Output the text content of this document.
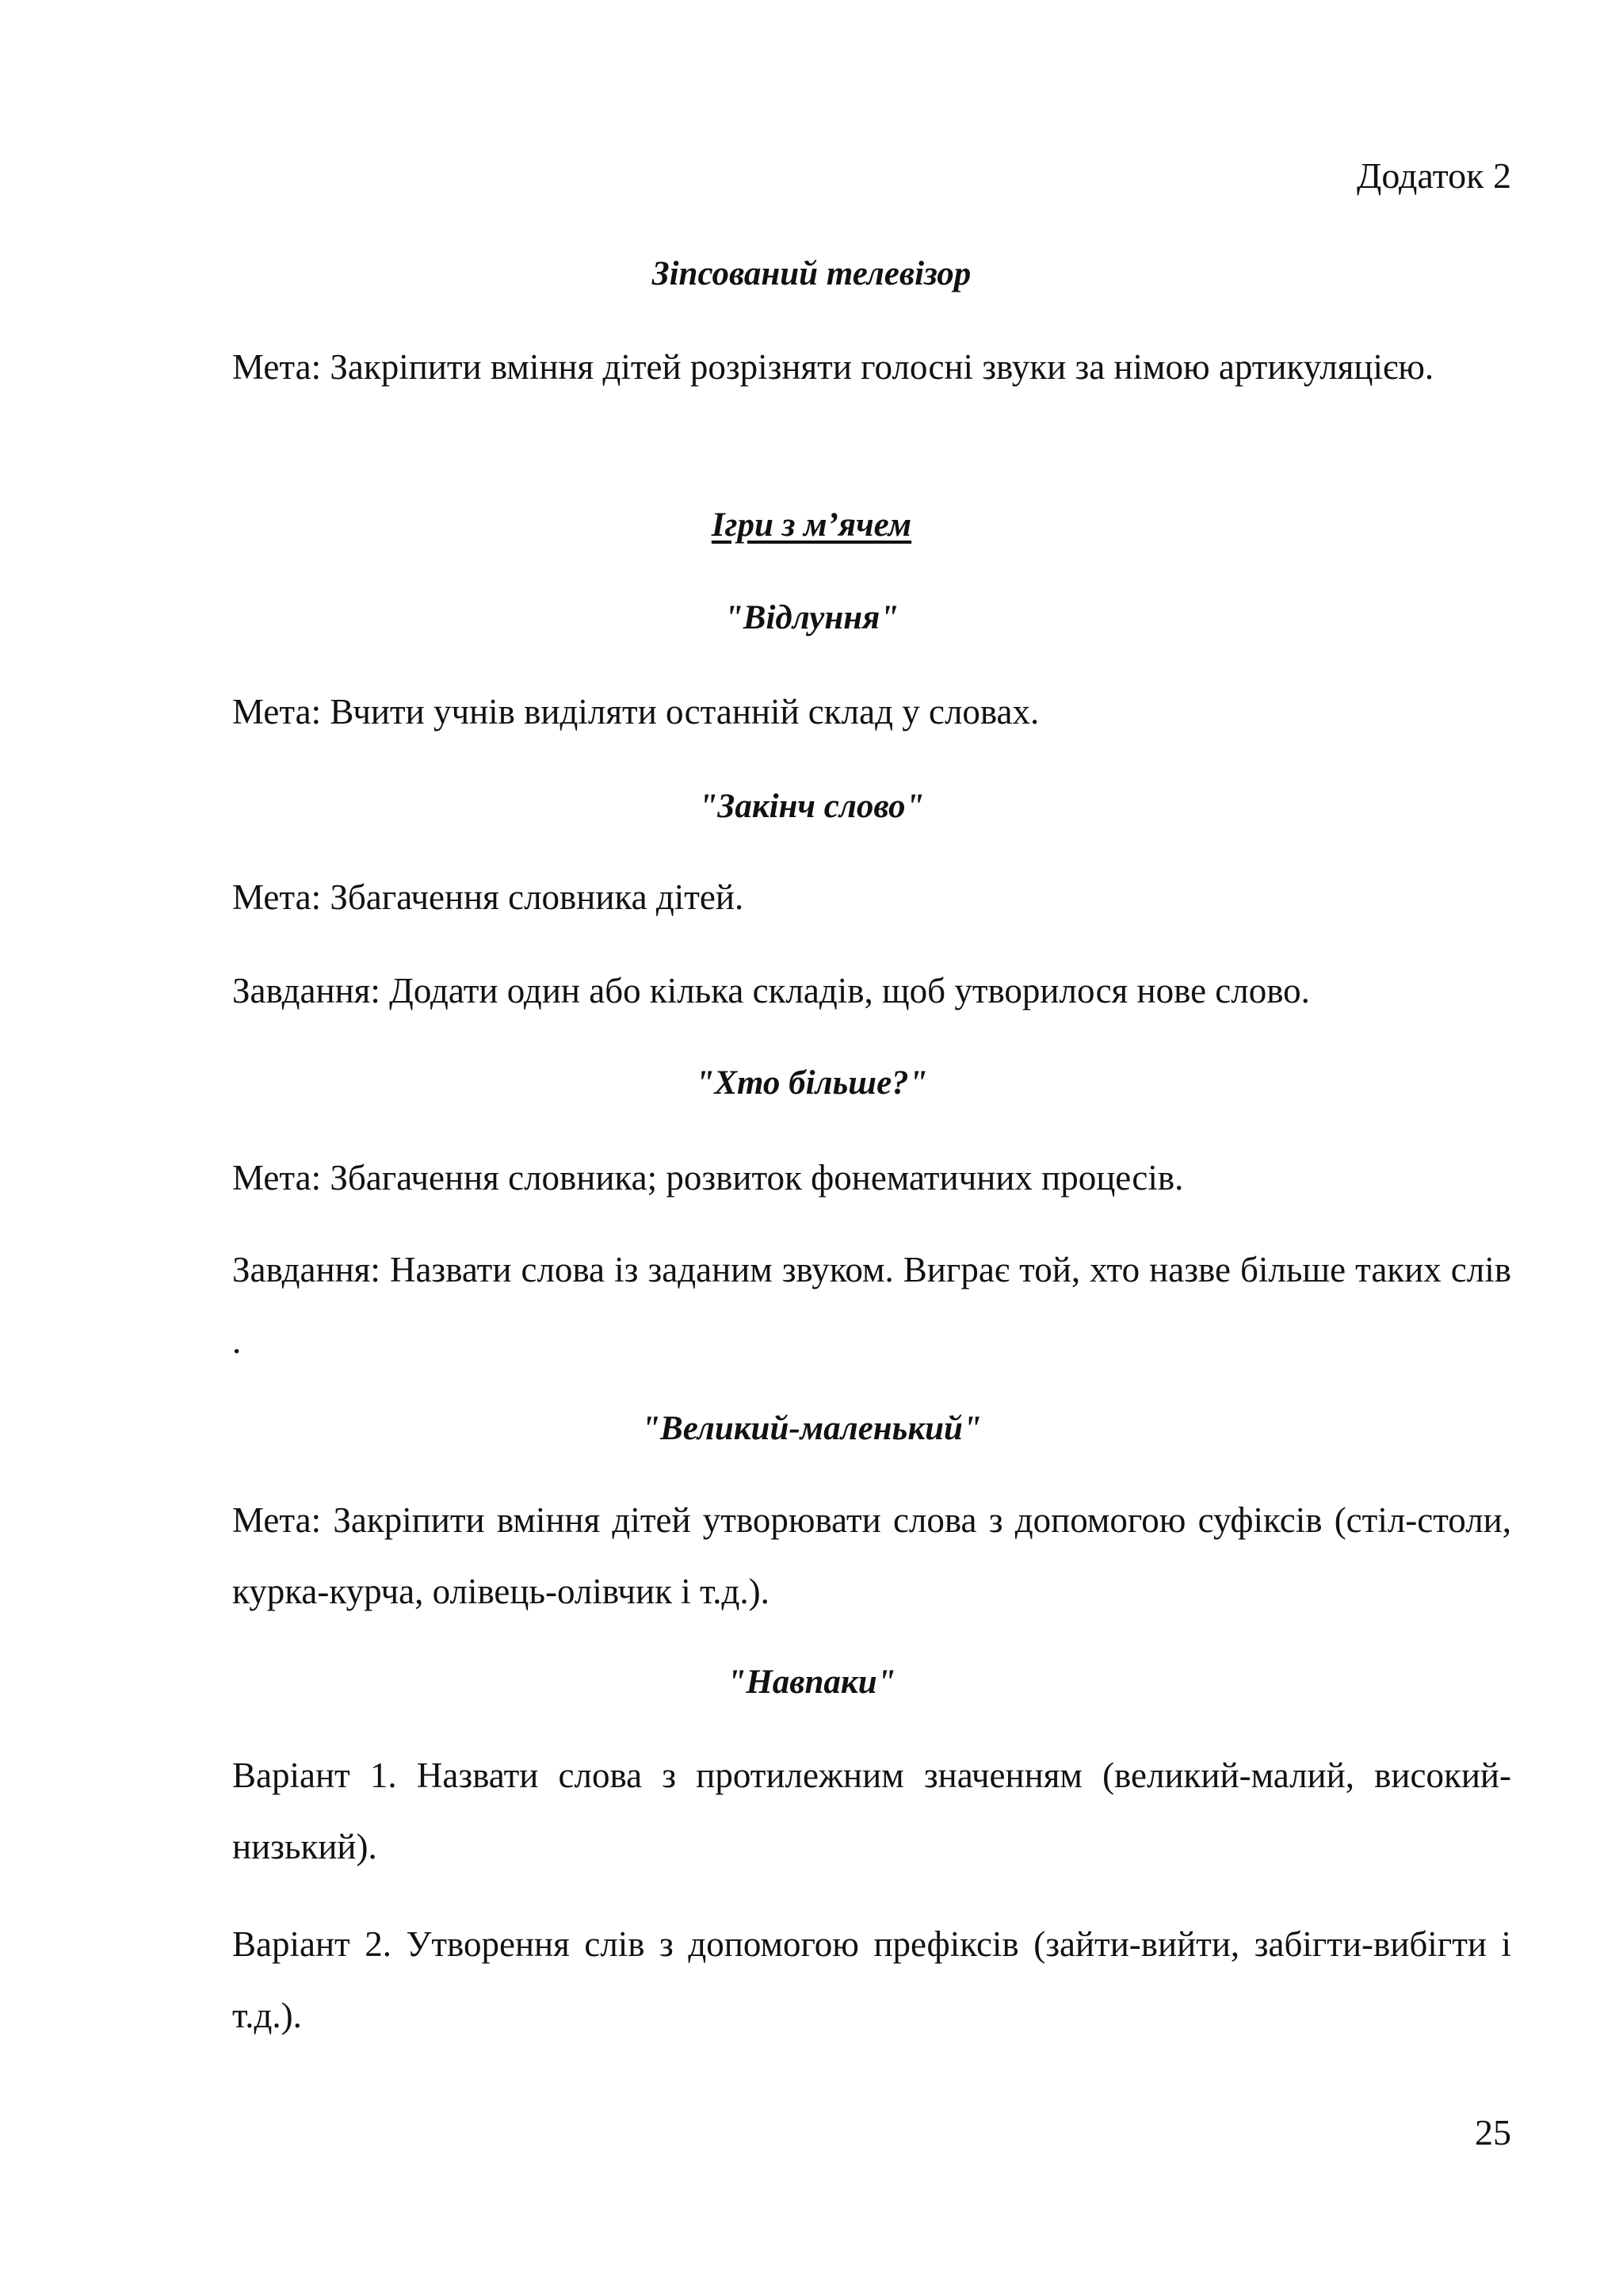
Додаток 2
Зіпсований телевізор
Мета: Закріпити вміння дітей розрізняти голосні звуки за німою артикуляцією.
Ігри з м’ячем
"Відлуння"
Мета: Вчити учнів виділяти останній склад у словах.
"Закінч слово"
Мета: Збагачення словника дітей.
Завдання: Додати один або кілька складів, щоб утворилося нове слово.
"Хто більше?"
Мета: Збагачення словника; розвиток фонематичних процесів.
Завдання: Назвати слова із заданим звуком. Виграє той, хто назве більше таких слів .
"Великий-маленький"
Мета: Закріпити вміння дітей утворювати слова з допомогою суфіксів (стіл-столи, курка-курча, олівець-олівчик і т.д.).
"Навпаки"
Варіант 1. Назвати слова з протилежним значенням (великий-малий, високий-низький).
Варіант 2. Утворення слів з допомогою префіксів (зайти-вийти, забігти-вибігти і т.д.).
25
